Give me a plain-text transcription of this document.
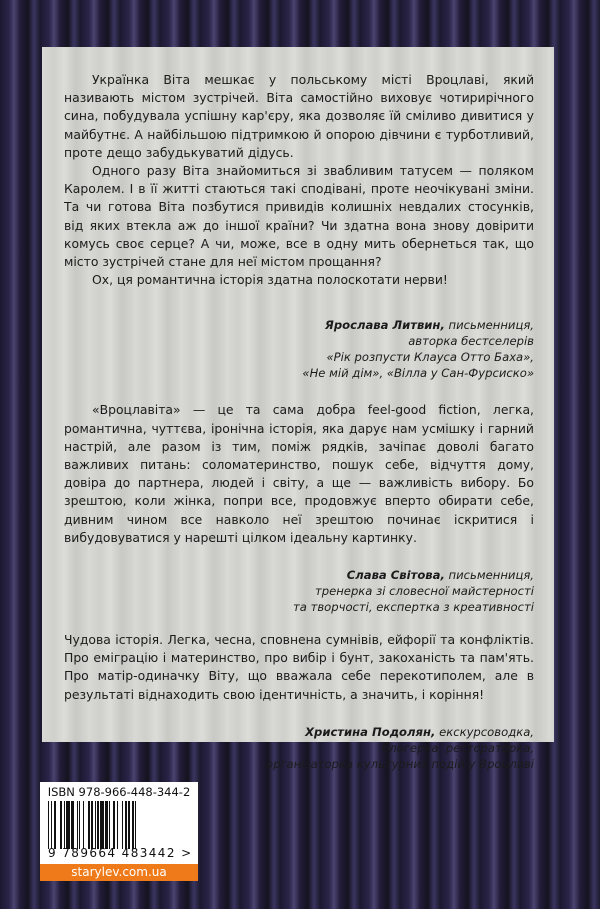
Українка Віта мешкає у польському місті Вроцлаві, який називають містом зустрічей. Віта самостійно виховує чотирирічного сина, побудувала успішну кар'єру, яка дозволяє їй сміливо дивитися у майбутнє. А найбільшою підтримкою й опорою дівчини є турботливий, проте дещо забудькуватий дідусь.

Одного разу Віта знайомиться зі звабливим татусем — поляком Каролем. І в її житті стаються такі сподівані, проте неочікувані зміни. Та чи готова Віта позбутися привидів колишніх невдалих стосунків, від яких втекла аж до іншої країни? Чи здатна вона знову довірити комусь своє серце? А чи, може, все в одну мить обернеться так, що місто зустрічей стане для неї містом прощання?

Ох, ця романтична історія здатна полоскотати нерви!

Ярослава Литвин, письменниця,
авторка бестселерів
«Рік розпусти Клауса Отто Баха»,
«Не мій дім», «Вілла у Сан-Фурсиско»

«Вроцлавіта» — це та сама добра feel-good fiction, легка, романтична, чуттєва, іронічна історія, яка дарує нам усмішку і гарний настрій, але разом із тим, поміж рядків, зачіпає доволі багато важливих питань: соломатеринство, пошук себе, відчуття дому, довіра до партнера, людей і світу, а ще — важливість вибору. Бо зрештою, коли жінка, попри все, продовжує вперто обирати себе, дивним чином все навколо неї зрештою починає іскритися і вибудовуватися у нарешті цілком ідеальну картинку.

Слава Світова, письменниця,
тренерка зі словесної майстерності
та творчості, експертка з креативності

Чудова історія. Легка, чесна, сповнена сумнівів, ейфорії та конфліктів. Про еміграцію і материнство, про вибір і бунт, закоханість та пам'ять. Про матір-одиначку Віту, що вважала себе перекотиполем, але в результаті віднаходить свою ідентичність, а значить, і коріння!

Христина Подолян, екскурсоводка,
блогерка, рестораторка,
організаторка культурних подій у Вроцлаві
ISBN 978-966-448-344-2
9 789664 483442 >
starylev.com.ua
